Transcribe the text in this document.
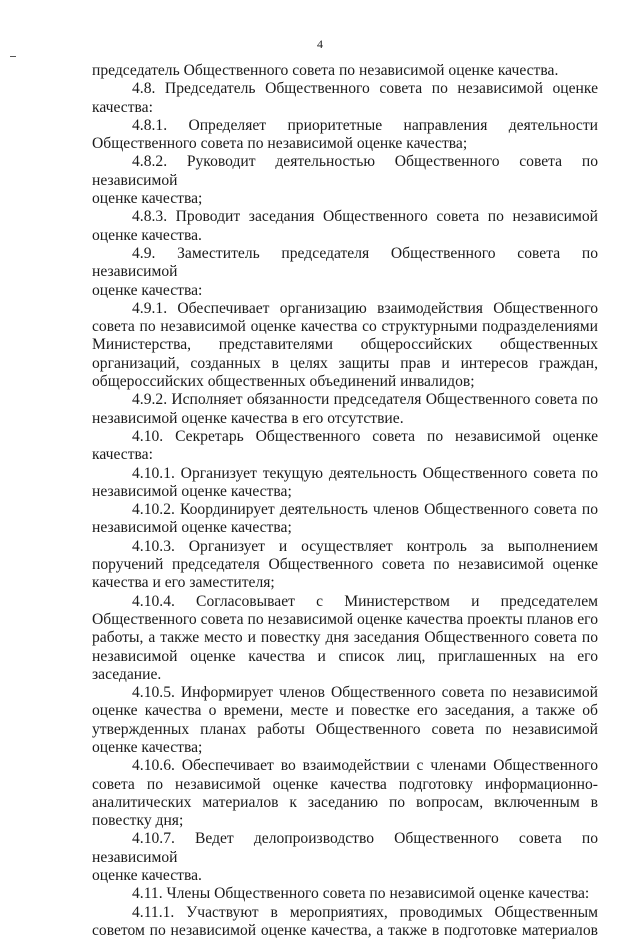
4

председатель Общественного совета по независимой оценке качества.

4.8. Председатель Общественного совета по независимой оценке
качества:

4.8.1. Определяет приоритетные направления деятельности
Общественного совета по независимой оценке качества;

4.8.2. Руководит деятельностью Общественного совета по независимой
оценке качества;

4.8.3. Проводит заседания Общественного совета по независимой
оценке качества.

4.9. Заместитель председателя Общественного совета по независимой
оценке качества:

4.9.1. Обеспечивает организацию взаимодействия Общественного
совета по независимой оценке качества со структурными подразделениями Министерства, представителями общероссийских общественных организаций, созданных в целях защиты прав и интересов граждан, общероссийских общественных объединений инвалидов;

4.9.2. Исполняет обязанности председателя Общественного совета по
независимой оценке качества в его отсутствие.

4.10. Секретарь Общественного совета по независимой оценке
качества:

4.10.1. Организует текущую деятельность Общественного совета по
независимой оценке качества;

4.10.2. Координирует деятельность членов Общественного совета по
независимой оценке качества;

4.10.3. Организует и осуществляет контроль за выполнением
поручений председателя Общественного совета по независимой оценке качества и его заместителя;

4.10.4. Согласовывает с Министерством и председателем
Общественного совета по независимой оценке качества проекты планов его работы, а также место и повестку дня заседания Общественного совета по независимой оценке качества и список лиц, приглашенных на его заседание.

4.10.5. Информирует членов Общественного совета по независимой
оценке качества о времени, месте и повестке его заседания, а также об утвержденных планах работы Общественного совета по независимой оценке качества;

4.10.6. Обеспечивает во взаимодействии с членами Общественного
совета по независимой оценке качества подготовку информационно-аналитических материалов к заседанию по вопросам, включенным в повестку дня;

4.10.7. Ведет делопроизводство Общественного совета по независимой
оценке качества.

4.11. Члены Общественного совета по независимой оценке качества:

4.11.1. Участвуют в мероприятиях, проводимых Общественным
советом по независимой оценке качества, а также в подготовке материалов
